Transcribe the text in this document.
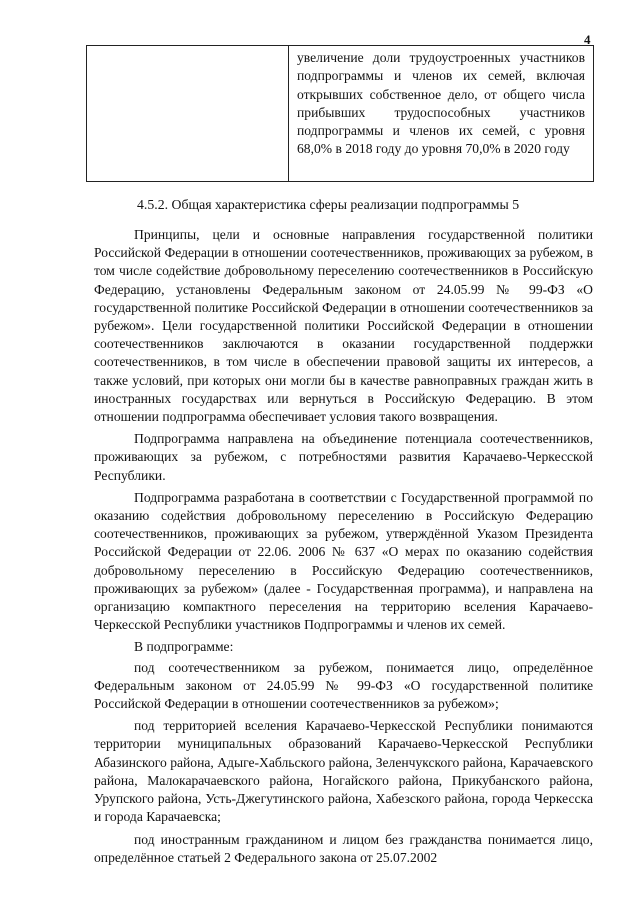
4
увеличение доли трудоустроенных участников подпрограммы и членов их семей, включая открывших собственное дело, от общего числа прибывших трудоспособных участников подпрограммы и членов их семей, с уровня 68,0% в 2018 году до уровня 70,0% в 2020 году
4.5.2. Общая характеристика сферы реализации подпрограммы 5

Принципы, цели и основные направления государственной политики Российской Федерации в отношении соотечественников, проживающих за рубежом, в том числе содействие добровольному переселению соотечественников в Российскую Федерацию, установлены Федеральным законом от 24.05.99 № 99-ФЗ «О государственной политике Российской Федерации в отношении соотечественников за рубежом». Цели государственной политики Российской Федерации в отношении соотечественников заключаются в оказании государственной поддержки соотечественников, в том числе в обеспечении правовой защиты их интересов, а также условий, при которых они могли бы в качестве равноправных граждан жить в иностранных государствах или вернуться в Российскую Федерацию. В этом отношении подпрограмма обеспечивает условия такого возвращения.

Подпрограмма направлена на объединение потенциала соотечественников, проживающих за рубежом, с потребностями развития Карачаево-Черкесской Республики.

Подпрограмма разработана в соответствии с Государственной программой по оказанию содействия добровольному переселению в Российскую Федерацию соотечественников, проживающих за рубежом, утверждённой Указом Президента Российской Федерации от 22.06. 2006 № 637 «О мерах по оказанию содействия добровольному переселению в Российскую Федерацию соотечественников, проживающих за рубежом» (далее - Государственная программа), и направлена на организацию компактного переселения на территорию вселения Карачаево-Черкесской Республики участников Подпрограммы и членов их семей.

В подпрограмме:

под соотечественником за рубежом, понимается лицо, определённое Федеральным законом от 24.05.99 № 99-ФЗ «О государственной политике Российской Федерации в отношении соотечественников за рубежом»;

под территорией вселения Карачаево-Черкесской Республики понимаются территории муниципальных образований Карачаево-Черкесской Республики Абазинского района, Адыге-Хабльского района, Зеленчукского района, Карачаевского района, Малокарачаевского района, Ногайского района, Прикубанского района, Урупского района, Усть-Джегутинского района, Хабезского района, города Черкесска и города Карачаевска;

под иностранным гражданином и лицом без гражданства понимается лицо, определённое статьей 2 Федерального закона от 25.07.2002
